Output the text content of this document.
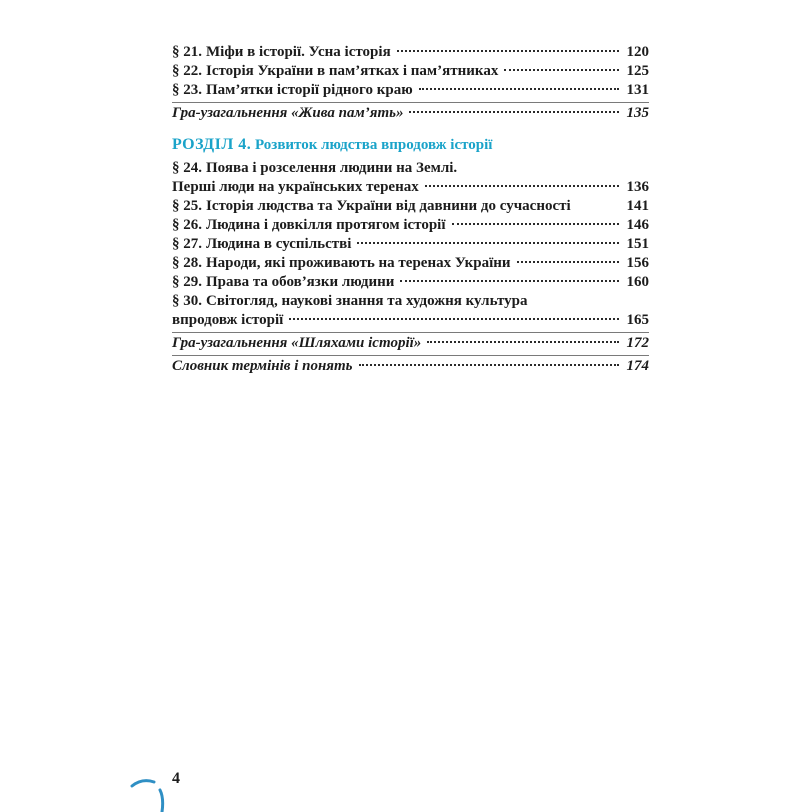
§ 21. Міфи в історії. Усна історія	120
§ 22. Історія України в пам’ятках і пам’ятниках	125
§ 23. Пам’ятки історії рідного краю	131
Гра-узагальнення «Жива пам’ять»	135
РОЗДІЛ 4. Розвиток людства впродовж історії
§ 24. Поява і розселення людини на Землі.
Перші люди на українських теренах	136
§ 25. Історія людства та України від давнини до сучасності	141
§ 26. Людина і довкілля протягом історії	146
§ 27. Людина в суспільстві	151
§ 28. Народи, які проживають на теренах України	156
§ 29. Права та обов’язки людини	160
§ 30. Світогляд, наукові знання та художня культура
впродовж історії	165
Гра-узагальнення «Шляхами історії»	172
Словник термінів і понять	174
4
